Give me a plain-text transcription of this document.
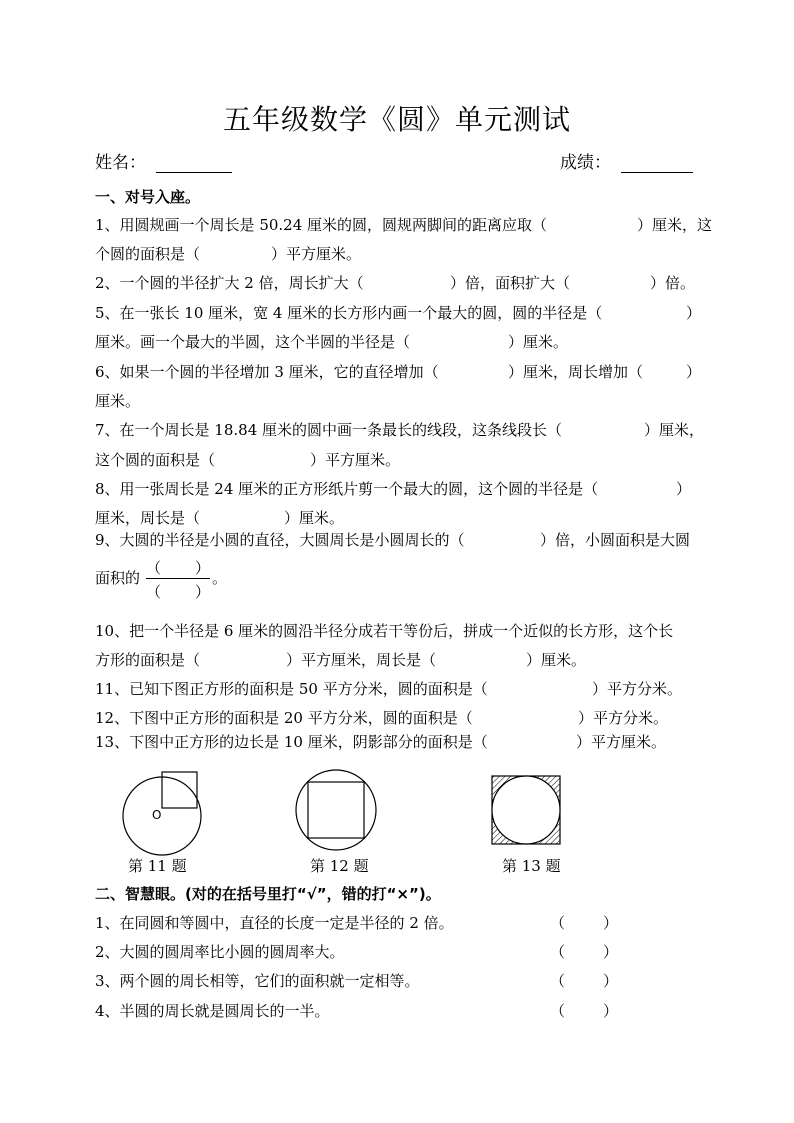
五年级数学《圆》单元测试
姓名：	成绩：
一、对号入座。
1、用圆规画一个周长是 50.24 厘米的圆，圆规两脚间的距离应取（	）厘米，这
个圆的面积是（	）平方厘米。
2、一个圆的半径扩大 2 倍，周长扩大（	）倍，面积扩大（	）倍。
5、在一张长 10 厘米，宽 4 厘米的长方形内画一个最大的圆，圆的半径是（	）
厘米。画一个最大的半圆，这个半圆的半径是（	）厘米。
6、如果一个圆的半径增加 3 厘米，它的直径增加（	）厘米，周长增加（	）
厘米。
7、在一个周长是 18.84 厘米的圆中画一条最长的线段，这条线段长（	）厘米，
这个圆的面积是（	）平方厘米。
8、用一张周长是 24 厘米的正方形纸片剪一个最大的圆，这个圆的半径是（	）
厘米，周长是（	）厘米。
9、大圆的半径是小圆的直径，大圆周长是小圆周长的（	）倍，小圆面积是大圆
面积的
（ ）
（ ）
。
10、把一个半径是 6 厘米的圆沿半径分成若干等份后，拼成一个近似的长方形，这个长
方形的面积是（	）平方厘米，周长是（	）厘米。
11、已知下图正方形的面积是 50 平方分米，圆的面积是（	）平方分米。
12、下图中正方形的面积是 20 平方分米，圆的面积是（	）平方分米。
13、下图中正方形的边长是 10 厘米，阴影部分的面积是（	）平方厘米。
O
第 11 题	第 12 题	第 13 题
二、智慧眼。(对的在括号里打“√”，错的打“×”)。
1、在同圆和等圆中，直径的长度一定是半径的 2 倍。	（	）
2、大圆的圆周率比小圆的圆周率大。	（	）
3、两个圆的周长相等，它们的面积就一定相等。	（	）
4、半圆的周长就是圆周长的一半。	（	）
